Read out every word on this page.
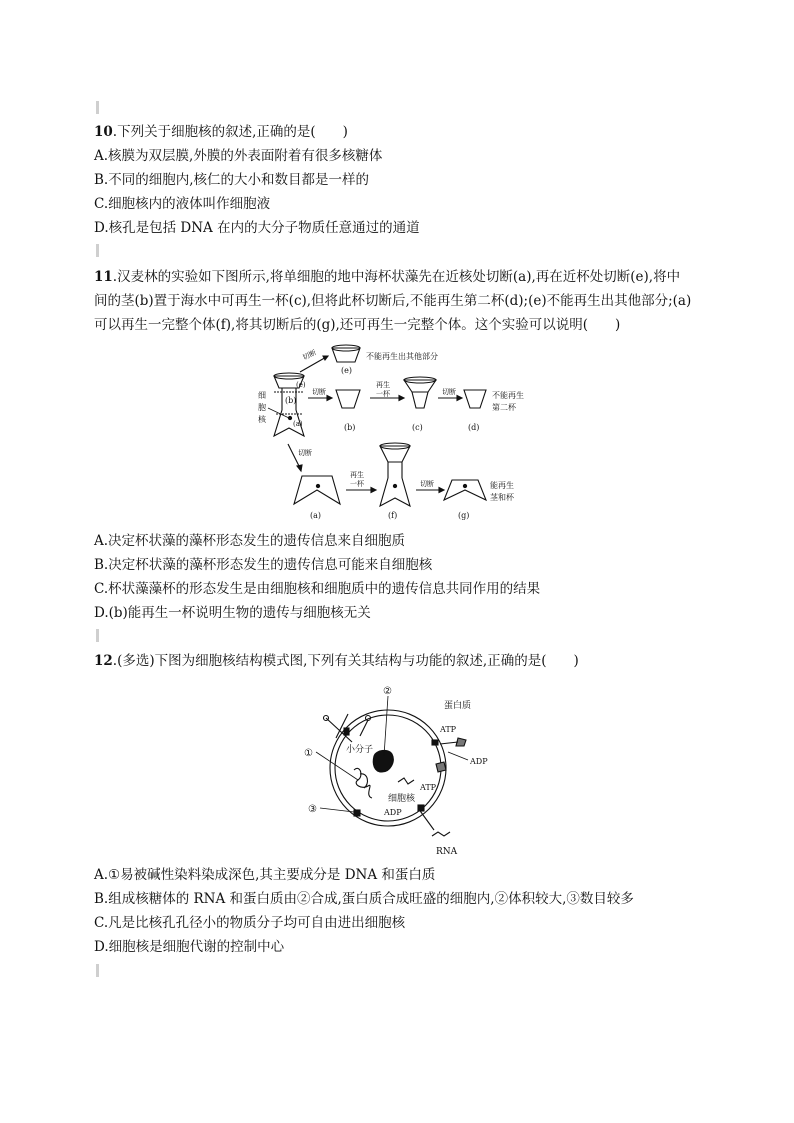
10.下列关于细胞核的叙述,正确的是(　　)
A.核膜为双层膜,外膜的外表面附着有很多核糖体
B.不同的细胞内,核仁的大小和数目都是一样的
C.细胞核内的液体叫作细胞液
D.核孔是包括 DNA 在内的大分子物质任意通过的通道
11.汉麦林的实验如下图所示,将单细胞的地中海杯状藻先在近核处切断(a),再在近杯处切断(e),将中
间的茎(b)置于海水中可再生一杯(c),但将此杯切断后,不能再生第二杯(d);(e)不能再生出其他部分;(a)
可以再生一完整个体(f),将其切断后的(g),还可再生一完整个体。这个实验可以说明(　　)
(e)
不能再生出其他部分
切断
(e)
(b)
(a)
细
胞
核
切断
(b)
再生
一杯
(c)
切断
(d)
不能再生
第二杯
切断
(a)
再生
一杯
(f)
切断
(g)
能再生
茎和杯
A.决定杯状藻的藻杯形态发生的遗传信息来自细胞质
B.决定杯状藻的藻杯形态发生的遗传信息可能来自细胞核
C.杯状藻藻杯的形态发生是由细胞核和细胞质中的遗传信息共同作用的结果
D.(b)能再生一杯说明生物的遗传与细胞核无关
12.(多选)下图为细胞核结构模式图,下列有关其结构与功能的叙述,正确的是(　　)
小分子
②
①
③
蛋白质
ATP
ADP
ATP
细胞核
ADP
RNA
A.①易被碱性染料染成深色,其主要成分是 DNA 和蛋白质
B.组成核糖体的 RNA 和蛋白质由②合成,蛋白质合成旺盛的细胞内,②体积较大,③数目较多
C.凡是比核孔孔径小的物质分子均可自由进出细胞核
D.细胞核是细胞代谢的控制中心
